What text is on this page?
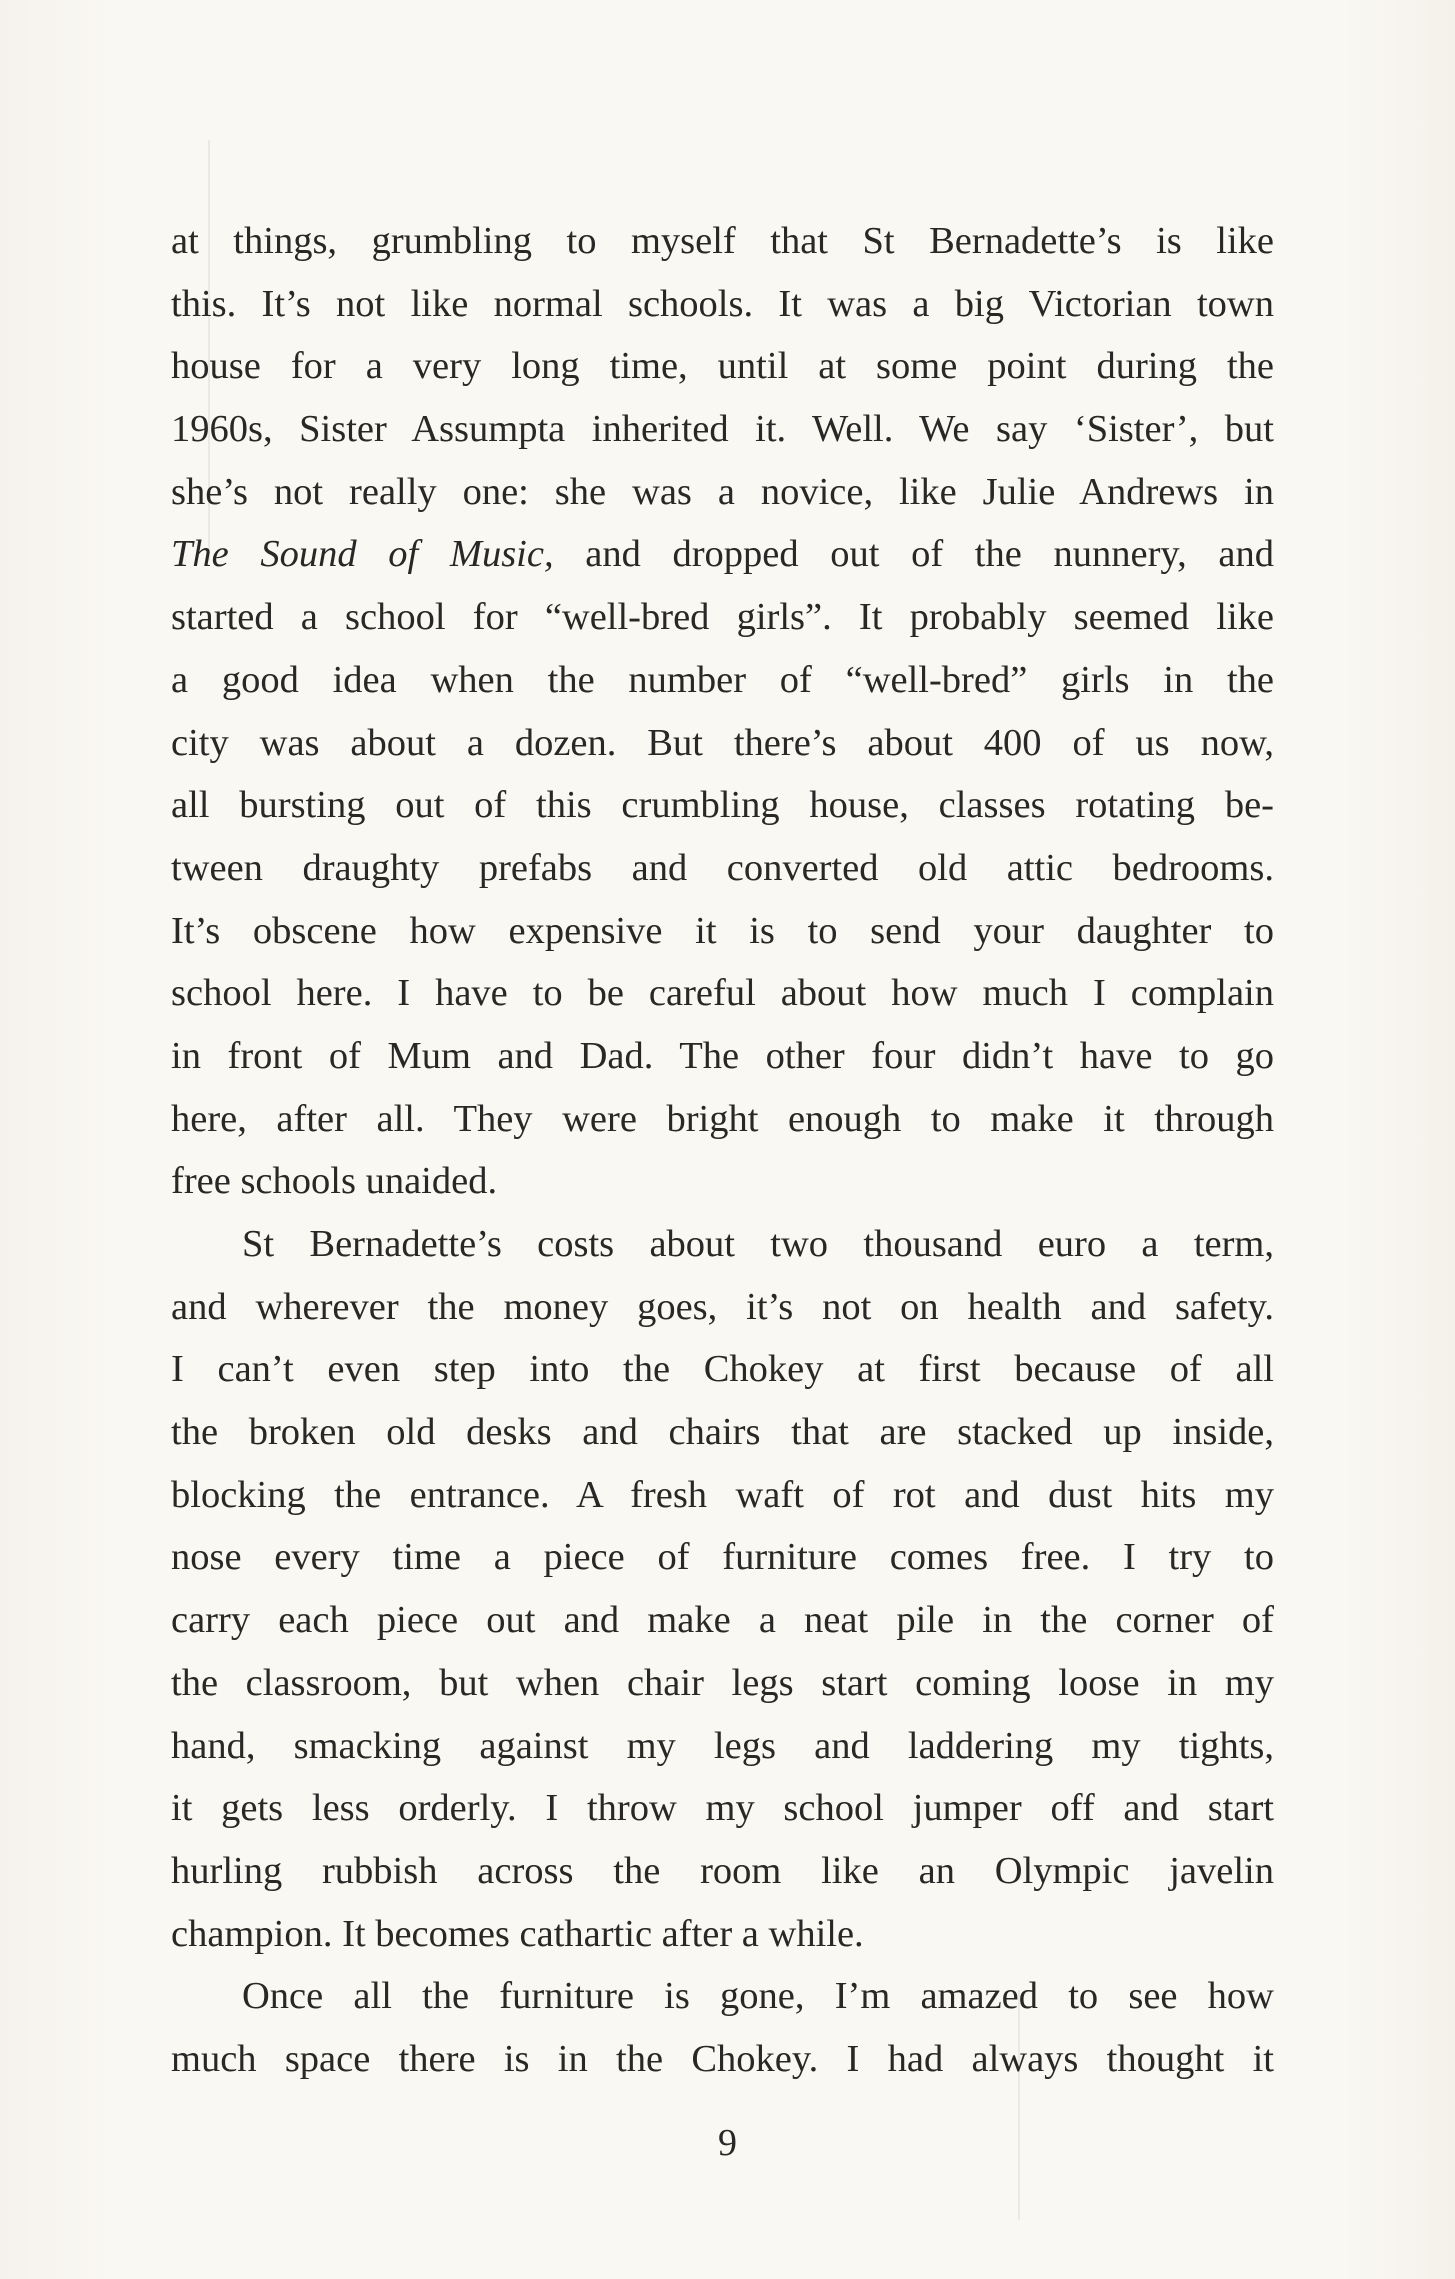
at things, grumbling to myself that St Bernadette’s is like
this. It’s not like normal schools. It was a big Victorian town
house for a very long time, until at some point during the
1960s, Sister Assumpta inherited it. Well. We say ‘Sister’, but
she’s not really one: she was a novice, like Julie Andrews in
The Sound of Music, and dropped out of the nunnery, and
started a school for “well-bred girls”. It probably seemed like
a good idea when the number of “well-bred” girls in the
city was about a dozen. But there’s about 400 of us now,
all bursting out of this crumbling house, classes rotating be-
tween draughty prefabs and converted old attic bedrooms.
It’s obscene how expensive it is to send your daughter to
school here. I have to be careful about how much I complain
in front of Mum and Dad. The other four didn’t have to go
here, after all. They were bright enough to make it through
free schools unaided.
St Bernadette’s costs about two thousand euro a term,
and wherever the money goes, it’s not on health and safety.
I can’t even step into the Chokey at first because of all
the broken old desks and chairs that are stacked up inside,
blocking the entrance. A fresh waft of rot and dust hits my
nose every time a piece of furniture comes free. I try to
carry each piece out and make a neat pile in the corner of
the classroom, but when chair legs start coming loose in my
hand, smacking against my legs and laddering my tights,
it gets less orderly. I throw my school jumper off and start
hurling rubbish across the room like an Olympic javelin
champion. It becomes cathartic after a while.
Once all the furniture is gone, I’m amazed to see how
much space there is in the Chokey. I had always thought it
9
